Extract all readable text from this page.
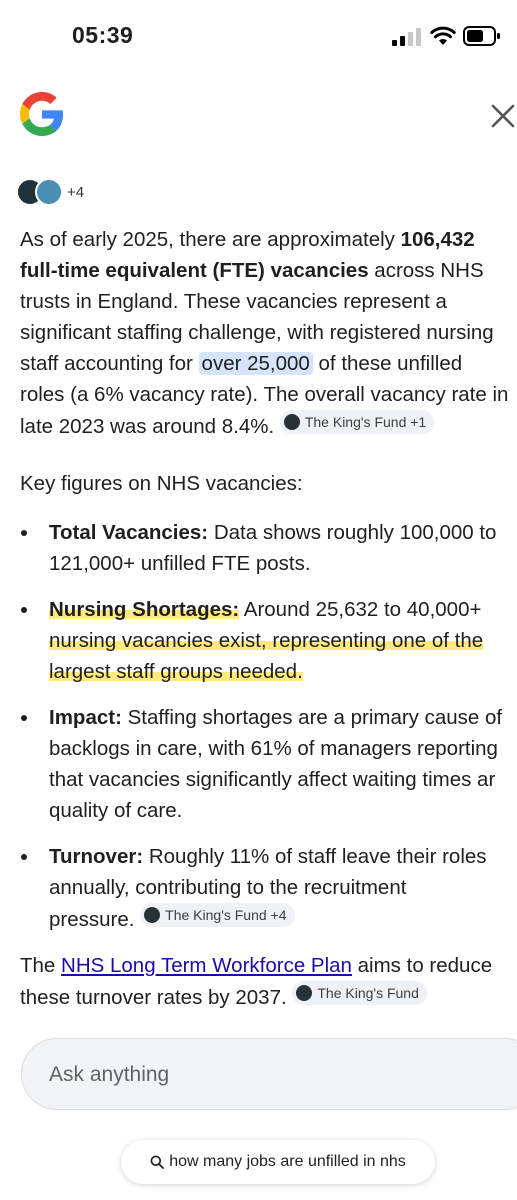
05:39
+4

As of early 2025, there are approximately 106,432

full-time equivalent (FTE) vacancies across NHS

trusts in England. These vacancies represent a

significant staffing challenge, with registered nursing

staff accounting for over 25,000 of these unfilled

roles (a 6% vacancy rate). The overall vacancy rate in

late 2023 was around 8.4%. The King's Fund +1

Key figures on NHS vacancies:

Total Vacancies: Data shows roughly 100,000 to

121,000+ unfilled FTE posts.

Nursing Shortages: Around 25,632 to 40,000+

nursing vacancies exist, representing one of the

largest staff groups needed.

Impact: Staffing shortages are a primary cause of

backlogs in care, with 61% of managers reporting

that vacancies significantly affect waiting times ar

quality of care.

Turnover: Roughly 11% of staff leave their roles

annually, contributing to the recruitment

pressure. The King's Fund +4

The NHS Long Term Workforce Plan aims to reduce

these turnover rates by 2037. The King's Fund

Ask anything
how many jobs are unfilled in nhs
